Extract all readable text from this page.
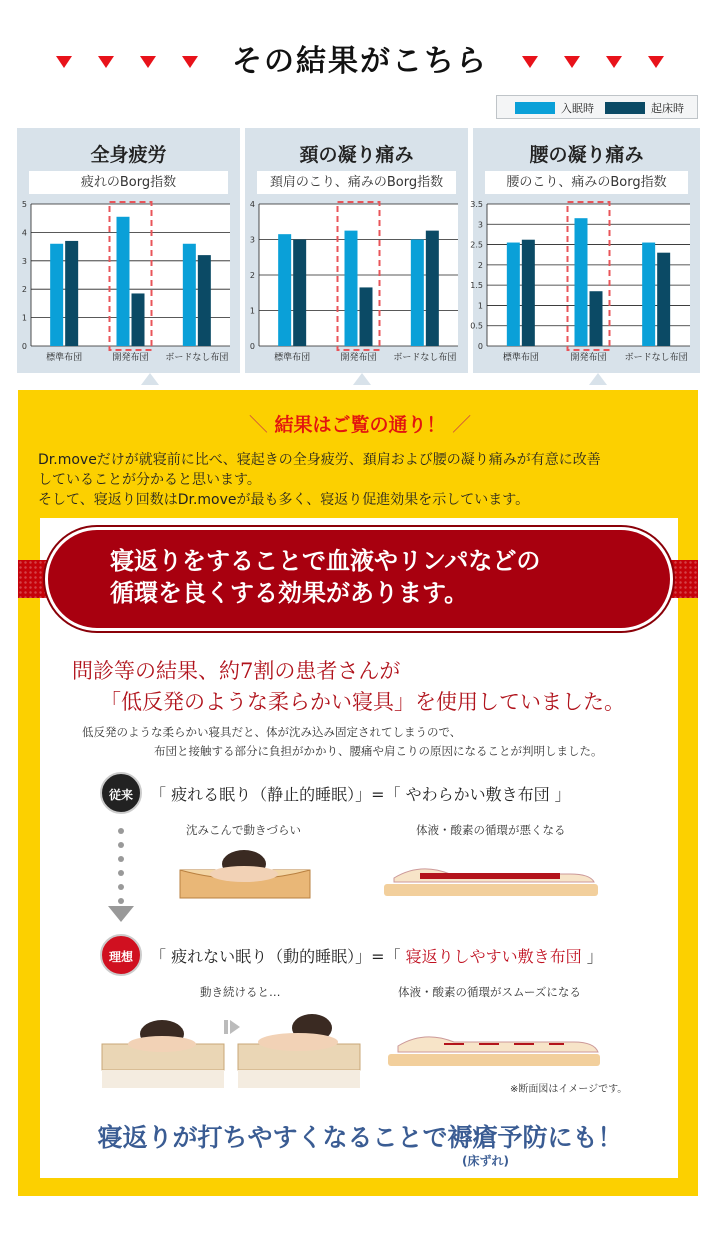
その結果がこちら
入眠時	起床時
全身疲労
疲れのBorg指数
0
1
2
3
4
5
標準布団	開発布団 ボードなし布団
頚の凝り痛み
頚肩のこり、痛みのBorg指数
0
1
2
3
4
標準布団	開発布団 ボードなし布団
腰の凝り痛み
腰のこり、痛みのBorg指数
0
0.5
1
1.5
2
2.5
3
3.5
標準布団	開発布団 ボードなし布団
＼ 結果はご覧の通り！ ／
Dr.moveだけが就寝前に比べ、寝起きの全身疲労、頚肩および腰の凝り痛みが有意に改善
していることが分かると思います。
そして、寝返り回数はDr.moveが最も多く、寝返り促進効果を示しています。
寝返りをすることで血液やリンパなどの
循環を良くする効果があります。
問診等の結果、約7割の患者さんが
「低反発のような柔らかい寝具」を使用していました。
低反発のような柔らかい寝具だと、体が沈み込み固定されてしまうので、
布団と接触する部分に負担がかかり、腰痛や肩こりの原因になることが判明しました。
従来	「 疲れる眠り（静止的睡眠）」=「 やわらかい敷き布団 」
沈みこんで動きづらい	体液・酸素の循環が悪くなる
理想	「 疲れない眠り（動的睡眠）」=「 寝返りしやすい敷き布団 」
動き続けると…	体液・酸素の循環がスムーズになる
※断面図はイメージです。
寝返りが打ちやすくなることで褥瘡予防にも！
(床ずれ)
